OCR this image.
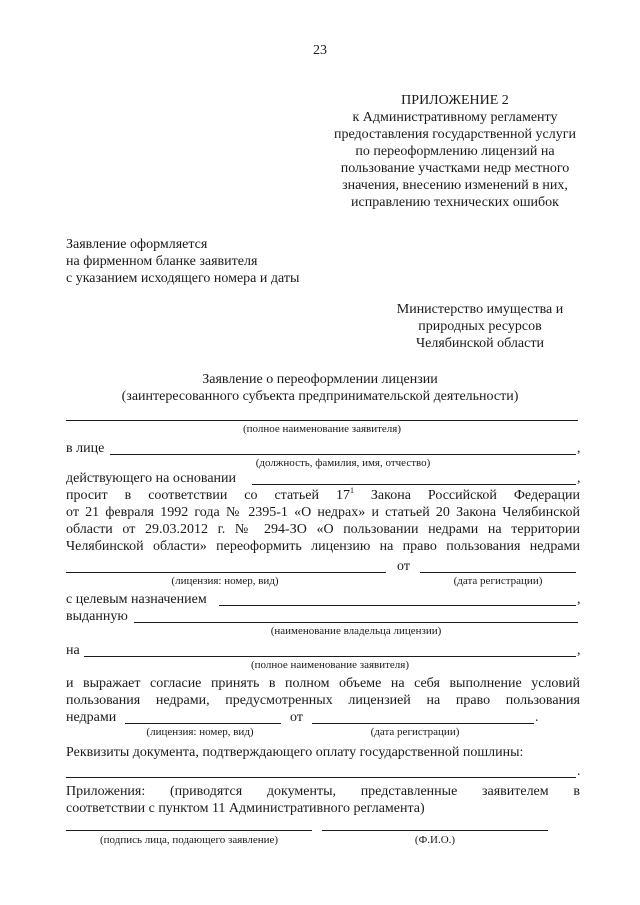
23
ПРИЛОЖЕНИЕ 2
к Административному регламенту
предоставления государственной услуги
по переоформлению лицензий на
пользование участками недр местного
значения, внесению изменений в них,
исправлению технических ошибок
Заявление оформляется
на фирменном бланке заявителя
с указанием исходящего номера и даты
Министерство имущества и
природных ресурсов
Челябинской области
Заявление о переоформлении лицензии
(заинтересованного субъекта предпринимательской деятельности)
(полное наименование заявителя)
в лице	,
(должность, фамилия, имя, отчество)
действующего на основании	,
просит в соответствии со статьей $17^1$ Закона Российской Федерации
от 21 февраля 1992 года № 2395-1 «О недрах» и статьей 20 Закона Челябинской
области от 29.03.2012 г. № 294-ЗО «О пользовании недрами на территории
Челябинской области» переоформить лицензию на право пользования недрами
от
(лицензия: номер, вид)	(дата регистрации)
с целевым назначением	,
выданную
(наименование владельца лицензии)
на	,
(полное наименование заявителя)
и выражает согласие принять в полном объеме на себя выполнение условий
пользования недрами, предусмотренных лицензией на право пользования
недрами	от	.
(лицензия: номер, вид)	(дата регистрации)
Реквизиты документа, подтверждающего оплату государственной пошлины:
.
Приложения: (приводятся документы, представленные заявителем в
соответствии с пунктом 11 Административного регламента)
(подпись лица, подающего заявление)	(Ф.И.О.)
